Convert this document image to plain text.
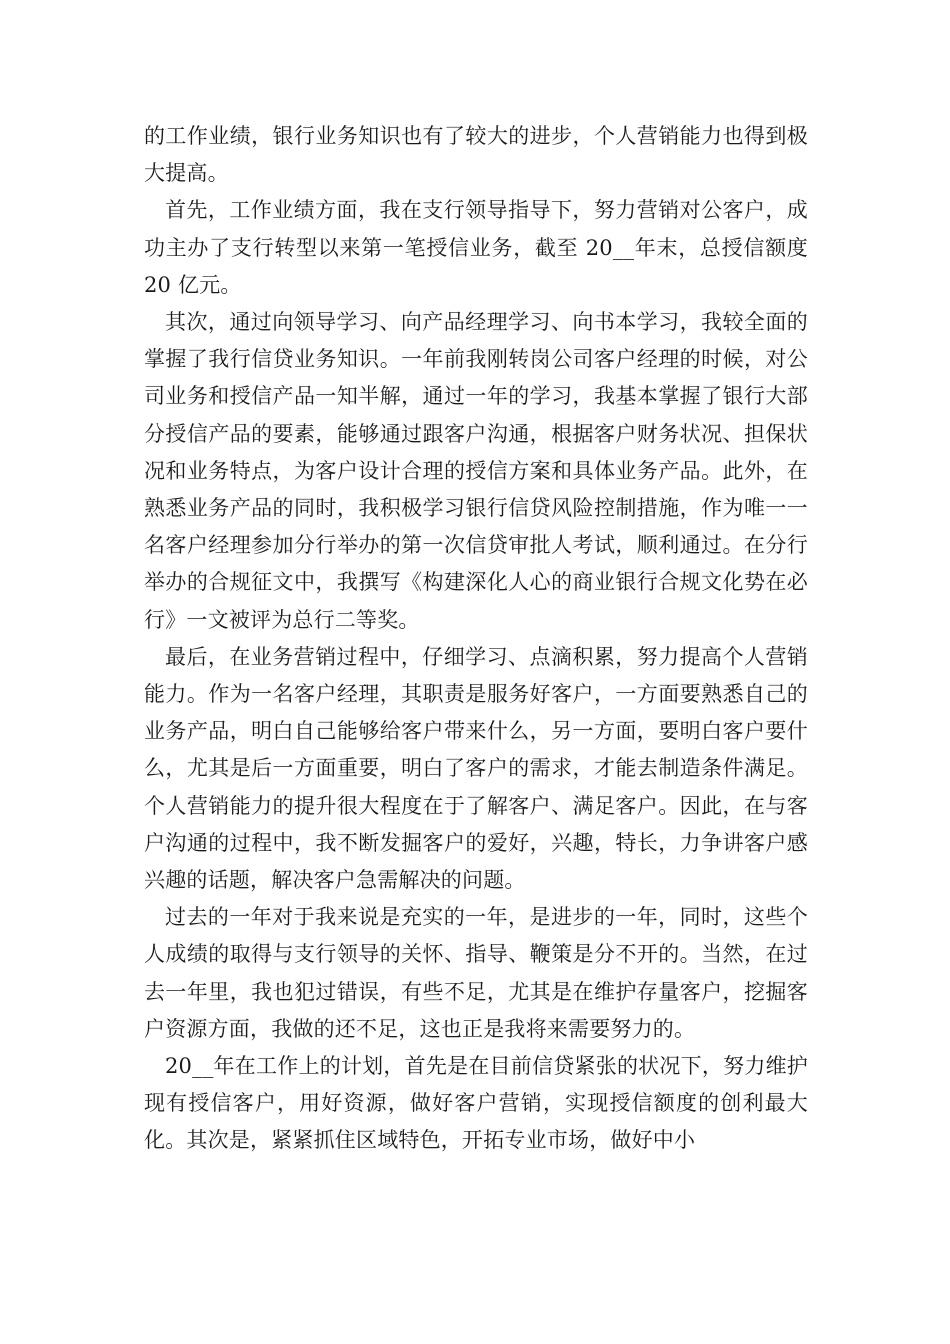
的工作业绩，银行业务知识也有了较大的进步，个人营销能力也得到极大提高。

首先，工作业绩方面，我在支行领导指导下，努力营销对公客户，成功主办了支行转型以来第一笔授信业务，截至 20__年末，总授信额度 20 亿元。

其次，通过向领导学习、向产品经理学习、向书本学习，我较全面的掌握了我行信贷业务知识。一年前我刚转岗公司客户经理的时候，对公司业务和授信产品一知半解，通过一年的学习，我基本掌握了银行大部分授信产品的要素，能够通过跟客户沟通，根据客户财务状况、担保状况和业务特点，为客户设计合理的授信方案和具体业务产品。此外，在熟悉业务产品的同时，我积极学习银行信贷风险控制措施，作为唯一一名客户经理参加分行举办的第一次信贷审批人考试，顺利通过。在分行举办的合规征文中，我撰写《构建深化人心的商业银行合规文化势在必行》一文被评为总行二等奖。

最后，在业务营销过程中，仔细学习、点滴积累，努力提高个人营销能力。作为一名客户经理，其职责是服务好客户，一方面要熟悉自己的业务产品，明白自己能够给客户带来什么，另一方面，要明白客户要什么，尤其是后一方面重要，明白了客户的需求，才能去制造条件满足。个人营销能力的提升很大程度在于了解客户、满足客户。因此，在与客户沟通的过程中，我不断发掘客户的爱好，兴趣，特长，力争讲客户感兴趣的话题，解决客户急需解决的问题。

过去的一年对于我来说是充实的一年，是进步的一年，同时，这些个人成绩的取得与支行领导的关怀、指导、鞭策是分不开的。当然，在过去一年里，我也犯过错误，有些不足，尤其是在维护存量客户，挖掘客户资源方面，我做的还不足，这也正是我将来需要努力的。

20__年在工作上的计划，首先是在目前信贷紧张的状况下，努力维护现有授信客户，用好资源，做好客户营销，实现授信额度的创利最大化。其次是，紧紧抓住区域特色，开拓专业市场，做好中小
